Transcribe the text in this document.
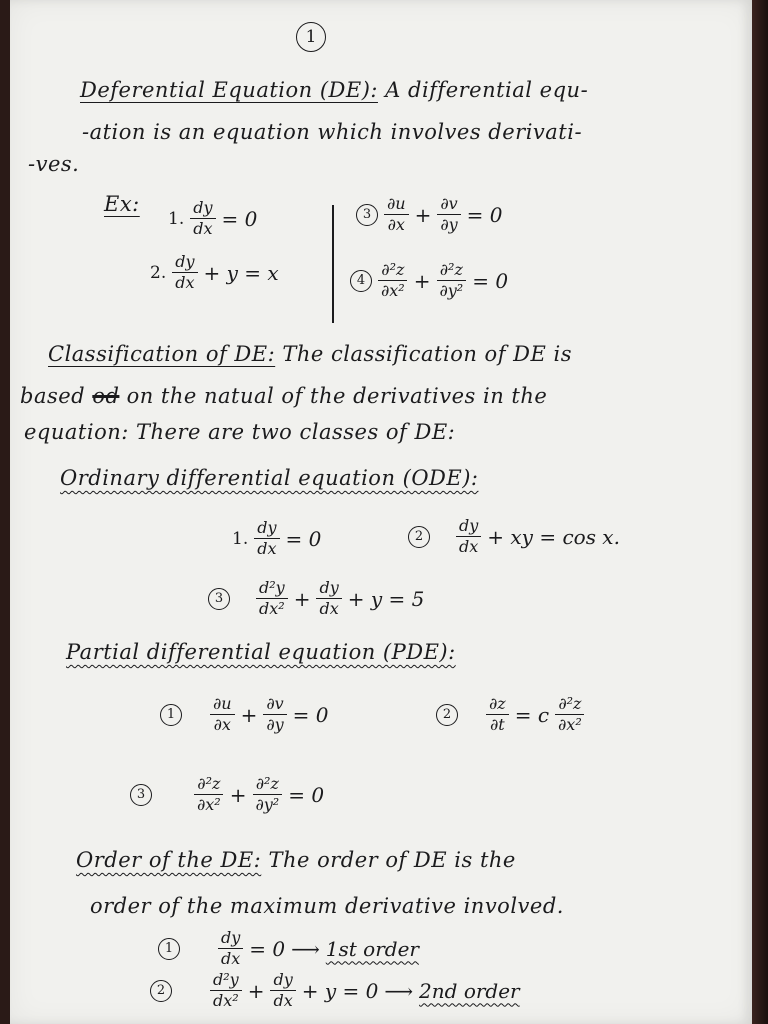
1
Deferential Equation (DE): A differential equ-
-ation is an equation which involves derivati-
-ves.
Ex:
1. $\frac{dy}{dx} = 0$
2. $\frac{dy}{dx} + y = x$
$3 \frac{\partial u}{\partial x} + \frac{\partial v}{\partial y} = 0$
$4 \frac{\text{∂²z}}{\text{∂x²}} + \frac{\text{∂²z}}{\text{∂y²}} = 0$
Classification of DE: The classification of DE is
based od on the natual of the derivatives in the
equation: There are two classes of DE:
Ordinary differential equation (ODE):
1. $\frac{dy}{dx} = 0$	2	$\frac{dy}{dx}$ + xy = cos x.
3	$\frac{\text{d²y}}{\text{dx²}} + \frac{dy}{dx} + y = 5$
Partial differential equation (PDE):
1	$\frac{\partial u}{\partial x} + \frac{\partial v}{\partial y} = 0$	2	$\frac{\partial z}{\partial t} = c \frac{\text{∂²z}}{\text{∂x²}}$
3	$\frac{\text{∂²z}}{\text{∂x²}} + \frac{\text{∂²z}}{\text{∂y²}} = 0$
Order of the DE: The order of DE is the
order of the maximum derivative involved.
1	$\frac{dy}{dx} = 0$ ⟶ 1st order
2	$\frac{\text{d²y}}{\text{dx²}} + \frac{dy}{dx} + y = 0$ ⟶ 2nd order
